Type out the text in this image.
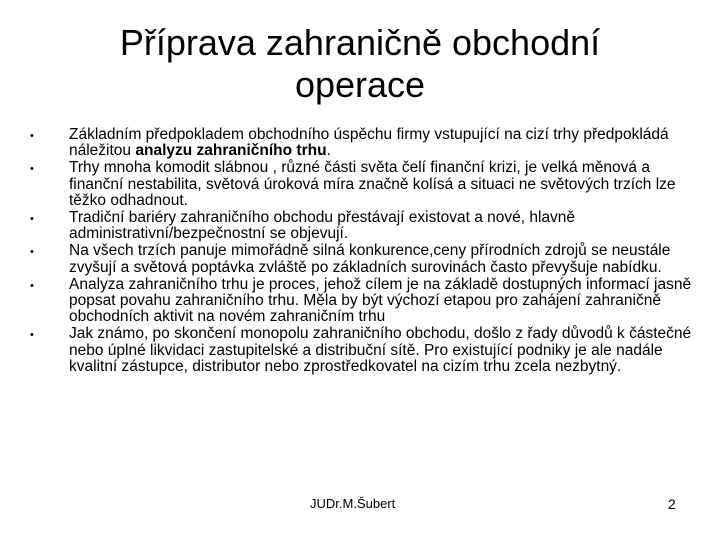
Příprava zahraničně obchodní
operace
• Základním předpokladem obchodního úspěchu firmy vstupující na cizí trhy předpokládá náležitou analyzu zahraničního trhu.
• Trhy mnoha komodit slábnou , různé části světa čelí finanční krizi, je velká měnová a finanční nestabilita, světová úroková míra značně kolísá a situaci ne světových trzích lze těžko odhadnout.
• Tradiční bariéry zahraničního obchodu přestávají existovat a nové, hlavně administrativní/bezpečnostní se objevují.
• Na všech trzích panuje mimořádně silná konkurence,ceny přírodních zdrojů se neustále zvyšují a světová poptávka zvláště po základních surovinách často převyšuje nabídku.
• Analyza zahraničního trhu je proces, jehož cílem je na základě dostupných informací jasně popsat povahu zahraničního trhu. Měla by být výchozí etapou pro zahájení zahraničně obchodních aktivit na novém zahraničním trhu
• Jak známo, po skončení monopolu zahraničního obchodu, došlo z řady důvodů k částečné nebo úplné likvidaci zastupitelské a distribuční sítě. Pro existující podniky je ale nadále kvalitní zástupce, distributor nebo zprostředkovatel na cizím trhu zcela nezbytný.
JUDr.M.Šubert	2
